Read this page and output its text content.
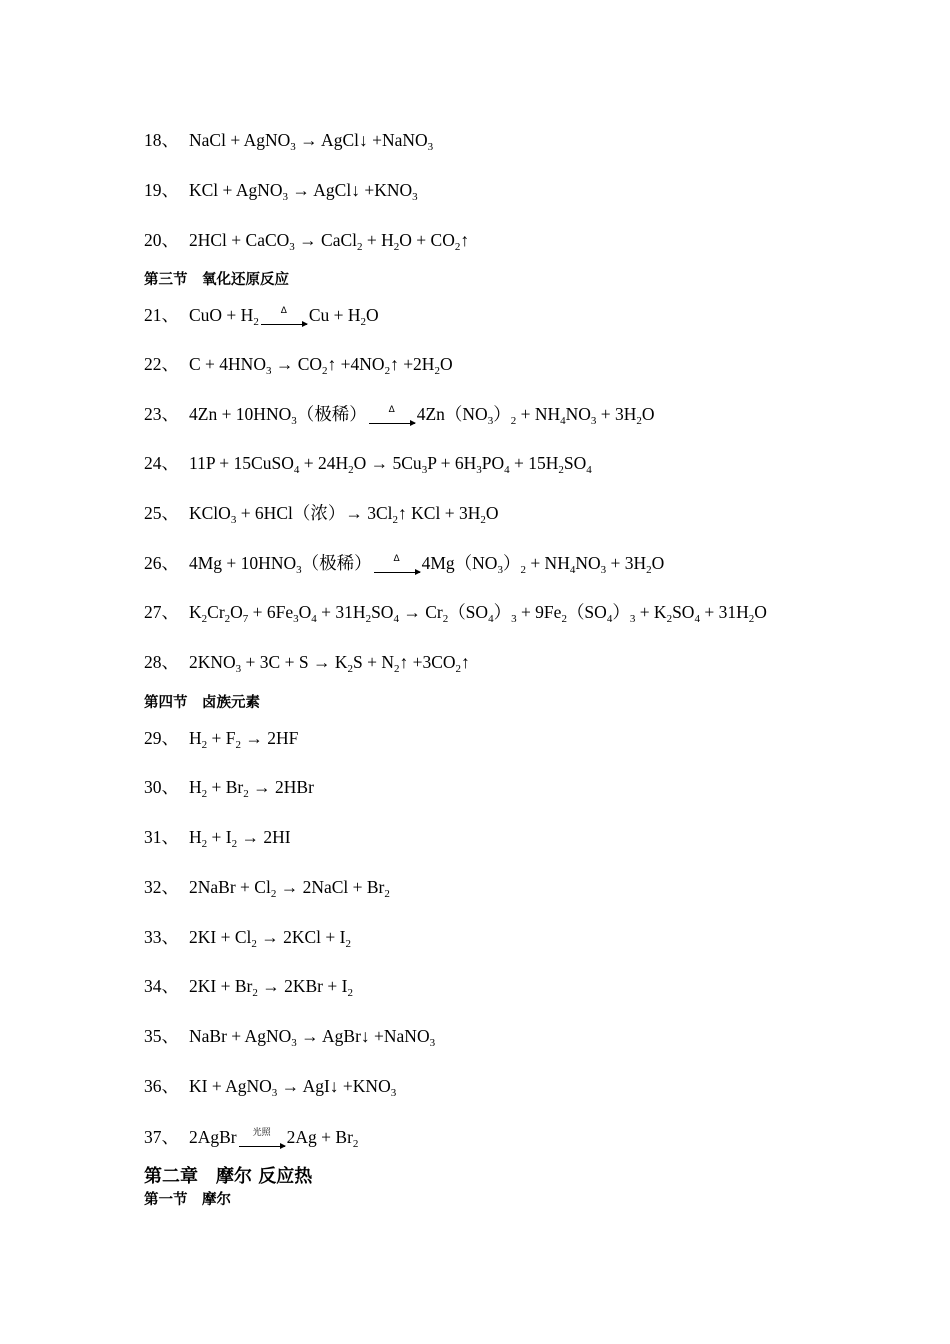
18、 NaCl + AgNO$_3$ → AgCl↓ +NaNO$_3$
19、 KCl + AgNO$_3$ → AgCl↓ $+KNO_3$
20、 2HCl + CaCO$_3$ → CaCl$_2$ + $H_2O$ + $CO_2↑$
第三节　氧化还原反应
21、 CuO + $H_2$
Δ	$Cu + H_2O$
22、 $C + 4HNO_3$ → $CO_2↑$ $+4NO_2↑ +2H_2O$
23、 $4Zn + 10HNO_3$（极稀）	Δ	$4Zn(NO_3)_2 + NH_4NO_3 + 3H_2O$
24、 11P + 15CuSO$_4$ + $24H_2O \to 5Cu_3P + 6H_3PO_4 + 15H_2SO_4$
25、 KClO$_3$ + 6HCl（浓）→ $3Cl_2↑$ KCl + $3H_2O$
26、 $4Mg + 10HNO_3$（极稀）	Δ	$4Mg(NO_3)_2 + NH_4NO_3 + 3H_2O$
27、 $K_2Cr_2O_7 + 6Fe_3O_4 + 31H_2SO_4 \to Cr_2(SO_4)_3 + 9Fe_2(SO_4)_3 + K_2SO_4 + 31H_2O$
28、 $2KNO_3 + 3C + S \to K_2S$ + $N_2↑$ $+3CO_2↑$
第四节　卤族元素
29、 $H_2 + F_2 \to 2HF$
30、 $H_2 + Br_2 \to 2HBr$
31、 $H_2 + I_2 \to 2HI$
32、 2NaBr + $Cl_2$ → 2NaCl + $Br_2$
33、 $2KI + Cl_2 \to 2KCl + I_2$
34、 $2KI + Br_2 \to 2KBr + I_2$
35、 NaBr + AgNO$_3$ → AgBr↓ +NaNO$_3$
36、 KI + AgNO$_3$ → AgI↓ $+KNO_3$
37、 2AgBr	光照 $2Ag + Br_2$
第二章　摩尔 反应热
第一节　摩尔
